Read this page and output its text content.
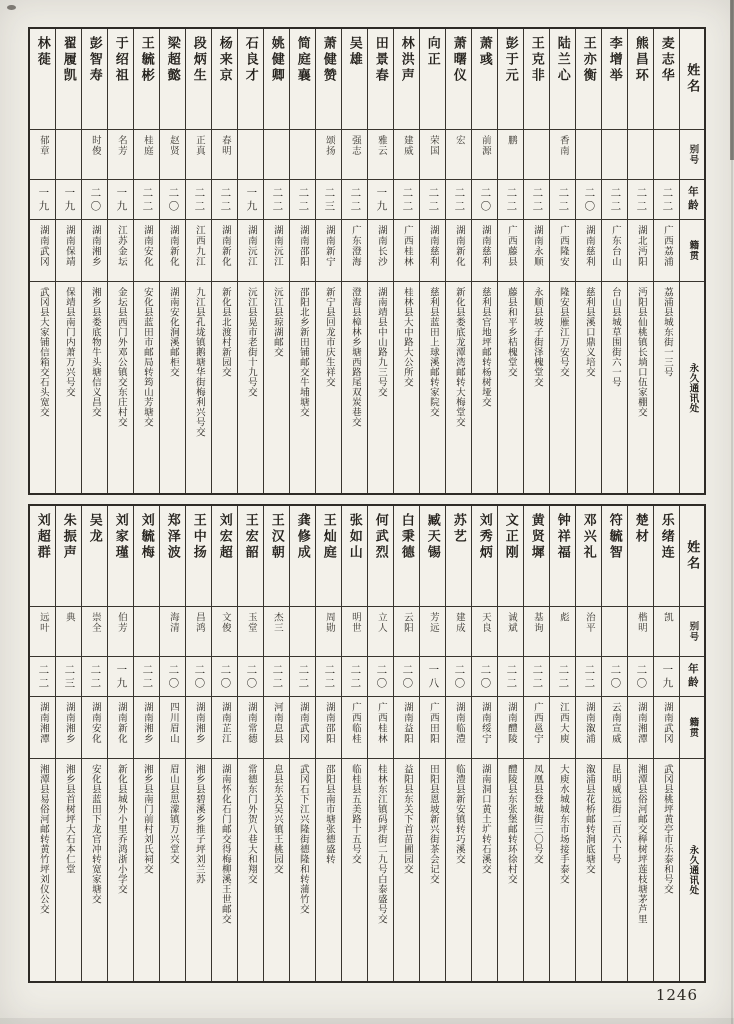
姓名
别号
年龄
籍贯
永久通讯处
麦志华
二二
广西荔浦
荔浦县城东街一三号
熊昌环
二二
湖北沔阳
沔阳县仙桃镇长埫口伍家棚交
李增举
二二
广东台山
台山县城草围街六一号
王亦衡
二〇
湖南慈利
慈利县溪口鼎义培交
陆兰心
香南
二二
广西隆安
隆安县雁江万安号交
王克非
二二
湖南永顺
永顺县坡子街泽槐堂交
彭于元
鹏
二二
广西藤县
藤县和平乡桔槐堂交
萧彧
前源
二〇
湖南慈利
慈利县官地坪邮转杨树垭交
萧曙仪
宏
二二
湖南新化
新化县娄底龙潭湾邮转大梅堂交
向正
荣国
二二
湖南慈利
慈利县蓝田上球溪邮转家院交
林洪声
建威
二二
广西桂林
桂林县大中路大公所交
田景春
雅云
一九
湖南长沙
湖南靖县中山路九三号交
吴雄
强志
二二
广东澄海
澄海县樟林乡塘西路尾双炭巷交
萧健赞
颂扬
二三
湖南新宁
新宁县回龙市庆生祥交
简庭襄
二二
湖南邵阳
邵阳北乡新田铺邮交牛埔塘交
姚健卿
二二
湖南沅江
沅江县琼湖邮交
石良才
一九
湖南沅江
沅江县晃市老街十九号交
杨来京
春明
二二
湖南新化
新化县北渡村新园交
段炳生
正真
二二
江西九江
九江县孔垅镇鹅塘华街梅利兴号交
梁超懿
赵贤
二〇
湖南新化
湖南安化涧溪邮柜交
王毓彬
桂庭
二二
湖南安化
安化县蓝田市邮局转筠山芳塘交
于绍祖
名芳
一九
江苏金坛
金坛县西门外邓公镇交东庄村交
彭智寿
时俊
二〇
湖南湘乡
湘乡县娄底物牛头塘信义昌交
翟履凯
一九
湖南保靖
保靖县南门内萧万兴号交
林蓰
郁章
一九
湖南武冈
武冈县大家铺信箱交石头宽交
姓名
别号
年龄
籍贯
永久通讯处
乐绪连
凯
一九
湖南武冈
武冈县桃坪黄亭市乐泰和号交
楚材
楷明
二〇
湖南湘潭
湘潭县俗河邮交榉树坪莲枝塘茅芦里
符毓智
二〇
云南宣威
昆明威远街二百六十号
邓兴礼
治平
二二
湖南溆浦
溆浦县花桥邮转涧底塘交
钟祥福
彪
二二
江西大庾
大庾水城城东市场接手泰交
黄贤墀
基询
二二
广西邕宁
凤凰县登城街三〇号交
文正刚
诚斌
二二
湖南醴陵
醴陵县东张堡邮转环徐村交
刘秀炳
天良
二〇
湖南绥宁
湖南洞口黄土圹转石溪交
苏艺
建成
二〇
湖南临澧
临澧县新安镇转巧溪交
臧天锡
芳远
一八
广西田阳
田阳县恩坡新兴街茶会记交
白秉德
云阳
二〇
湖南益阳
益阳县东关下首苗圃园交
何武烈
立人
二〇
广西桂林
桂林东江镇码坪街二九号白泰盛号交
张如山
明世
二二
广西临桂
临桂县五美路十五号交
王灿庭
周勋
二二
湖南邵阳
邵阳县南市塘张德盛转
龚修成
二二
湖南武冈
武冈石下江兴隆街德隆和转蒲竹交
王汉朝
杰三
二二
河南息县
息县东关吴兴镇王桃园交
王宏韶
玉堂
二〇
湖南常德
常德东门外贺八巷大和翔交
刘宏超
文俊
二〇
湖南芷江
湖南怀化石门邮交得梅柳溪王世邮交
王中扬
昌鸿
二〇
湖南湘乡
湘乡县碧溪乡推子坪刘兰苏
郑泽波
海清
二〇
四川眉山
眉山县思濛镇万兴堂交
刘毓梅
二二
湖南湘乡
湘乡县南门前村刘氏祠交
刘家瑾
伯芳
一九
湖南新化
新化县城外小里乔鸿浙小学交
吴龙
崇全
二二
湖南安化
安化县蓝田下龙官冲转宽家塘交
朱振声
典
二三
湖南湘乡
湘乡县首树坪大石本仁堂
刘超群
远叶
二二
湖南湘潭
湘潭县易俗河邮转黄竹坪刘仪公交
1246
